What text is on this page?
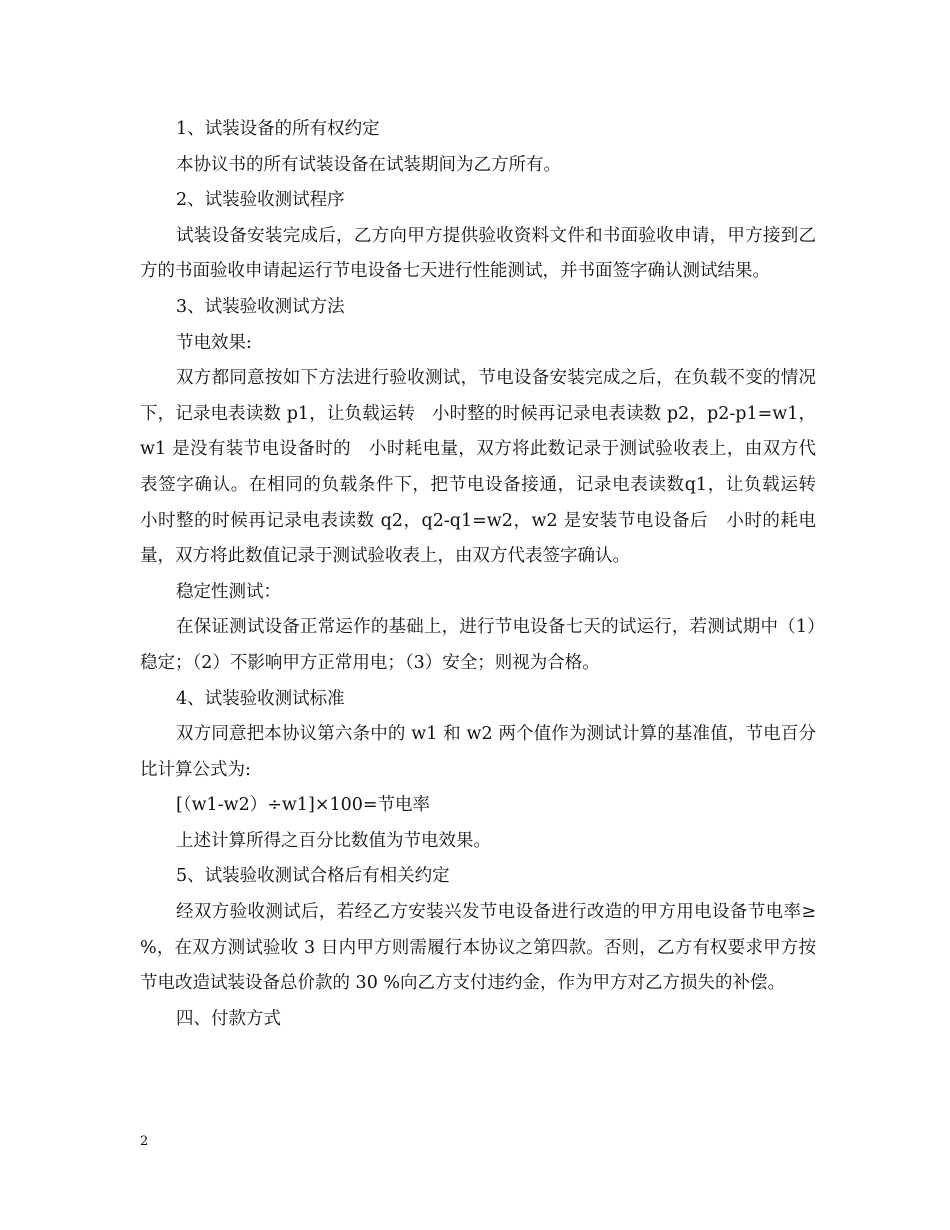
1、试装设备的所有权约定

本协议书的所有试装设备在试装期间为乙方所有。

2、试装验收测试程序

试装设备安装完成后，乙方向甲方提供验收资料文件和书面验收申请，甲方接到乙方的书面验收申请起运行节电设备七天进行性能测试，并书面签字确认测试结果。

3、试装验收测试方法

节电效果:

双方都同意按如下方法进行验收测试，节电设备安装完成之后，在负载不变的情况下，记录电表读数 p1，让负载运转   小时整的时候再记录电表读数 p2，p2-p1=w1，w1 是没有装节电设备时的   小时耗电量，双方将此数记录于测试验收表上，由双方代表签字确认。在相同的负载条件下，把节电设备接通，记录电表读数q1，让负载运转   小时整的时候再记录电表读数 q2，q2-q1=w2，w2 是安装节电设备后   小时的耗电量，双方将此数值记录于测试验收表上，由双方代表签字确认。

稳定性测试：

在保证测试设备正常运作的基础上，进行节电设备七天的试运行，若测试期中（1）稳定；（2）不影响甲方正常用电；（3）安全；则视为合格。

4、试装验收测试标准

双方同意把本协议第六条中的 w1 和 w2 两个值作为测试计算的基准值，节电百分比计算公式为:

[（w1-w2）÷w1]×100=节电率

上述计算所得之百分比数值为节电效果。

5、试装验收测试合格后有相关约定

经双方验收测试后，若经乙方安装兴发节电设备进行改造的甲方用电设备节电率≥   %，在双方测试验收 3 日内甲方则需履行本协议之第四款。否则，乙方有权要求甲方按节电改造试装设备总价款的 30 %向乙方支付违约金，作为甲方对乙方损失的补偿。

四、付款方式

2
